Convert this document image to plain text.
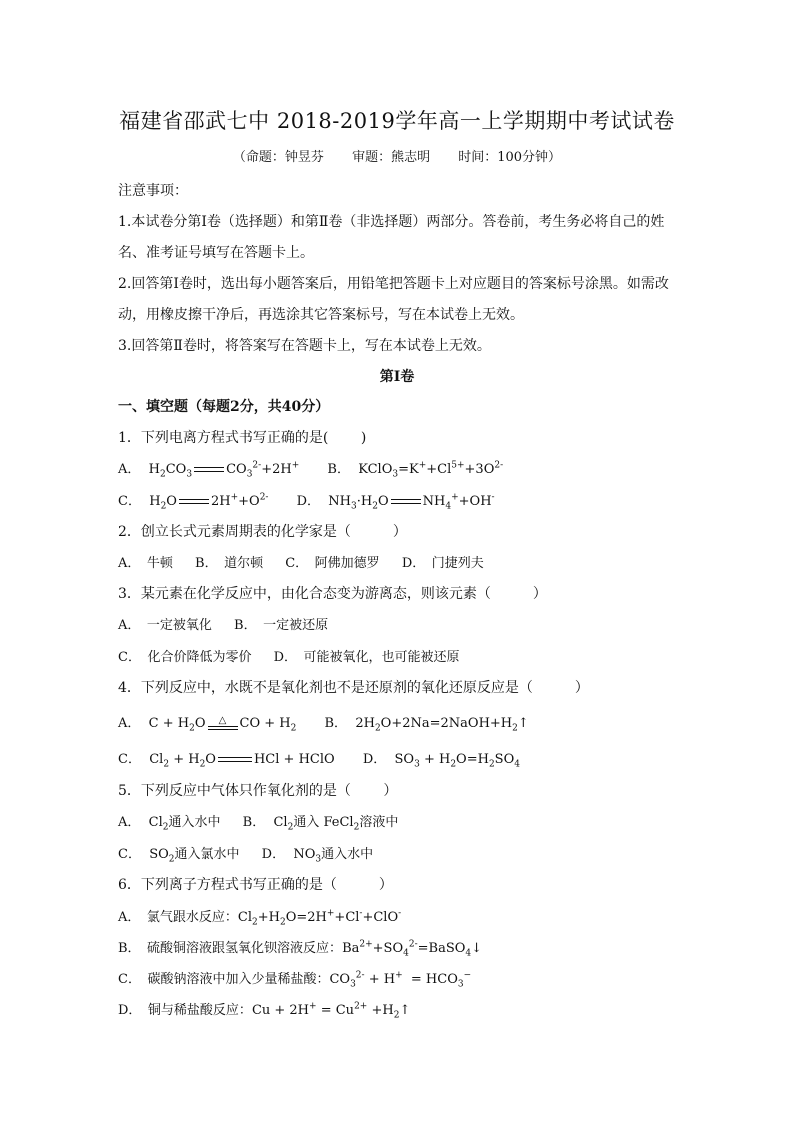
福建省邵武七中 2018-2019学年高一上学期期中考试试卷
（命题：钟昱芬 审题：熊志明 时间：100分钟）
注意事项：
1.本试卷分第Ⅰ卷（选择题）和第Ⅱ卷（非选择题）两部分。答卷前，考生务必将自己的姓
名、准考证号填写在答题卡上。
2.回答第Ⅰ卷时，选出每小题答案后，用铅笔把答题卡上对应题目的答案标号涂黑。如需改
动，用橡皮擦干净后，再选涂其它答案标号，写在本试卷上无效。
3.回答第Ⅱ卷时，将答案写在答题卡上，写在本试卷上无效。
第Ⅰ卷
一、填空题（每题2分，共40分）
1．下列电离方程式书写正确的是(　　 )
A．  $H_2CO_3$	$CO_3^{2-}+2H^+$ B．  $KClO_3=K^++Cl^{5+}+3O^{2-}$
C．  $H_2O$	$2H^++O^{2-}$ D．  $NH_3\cdot H_2O$	$NH_4^++OH^-$
2．创立长式元素周期表的化学家是（　　　）
A．　牛顿 B．　道尔顿 C．　阿佛加德罗 D．　门捷列夫
3．某元素在化学反应中，由化合态变为游离态，则该元素（　　　）
A．　一定被氧化 B．　一定被还原
C．　化合价降低为零价 D．　可能被氧化，也可能被还原
4．下列反应中，水既不是氧化剂也不是还原剂的氧化还原反应是（　　　）
A．  $C + H_2O$	△	CO + $H_2$ B．  $2H_2O+2Na=2NaOH+H_2↑$
C．  $Cl_2 + H_2O$	HCl + HClO D．  $SO_3 + H_2O=H_2SO_4$
5．下列反应中气体只作氧化剂的是（　　 ）
A．  $Cl_2$通入水中 B．  $Cl_2$通入 FeCl$_2$溶液中
C．  $SO_2$通入氯水中 D．  $NO_3$通入水中
6．下列离子方程式书写正确的是（　　　）
A．　氯气跟水反应：$Cl_2+H_2O=2H^++Cl^-+ClO^-$
B．　硫酸铜溶液跟氢氧化钡溶液反应：$Ba^{2+}+SO_4^{2-}=BaSO_4↓$
C．　碳酸钠溶液中加入少量稀盐酸：$CO_3^{2-} + H^+ = HCO_3^-$
D．　铜与稀盐酸反应：$Cu + 2H^+ = Cu^{2+}$ $+H_2↑$
